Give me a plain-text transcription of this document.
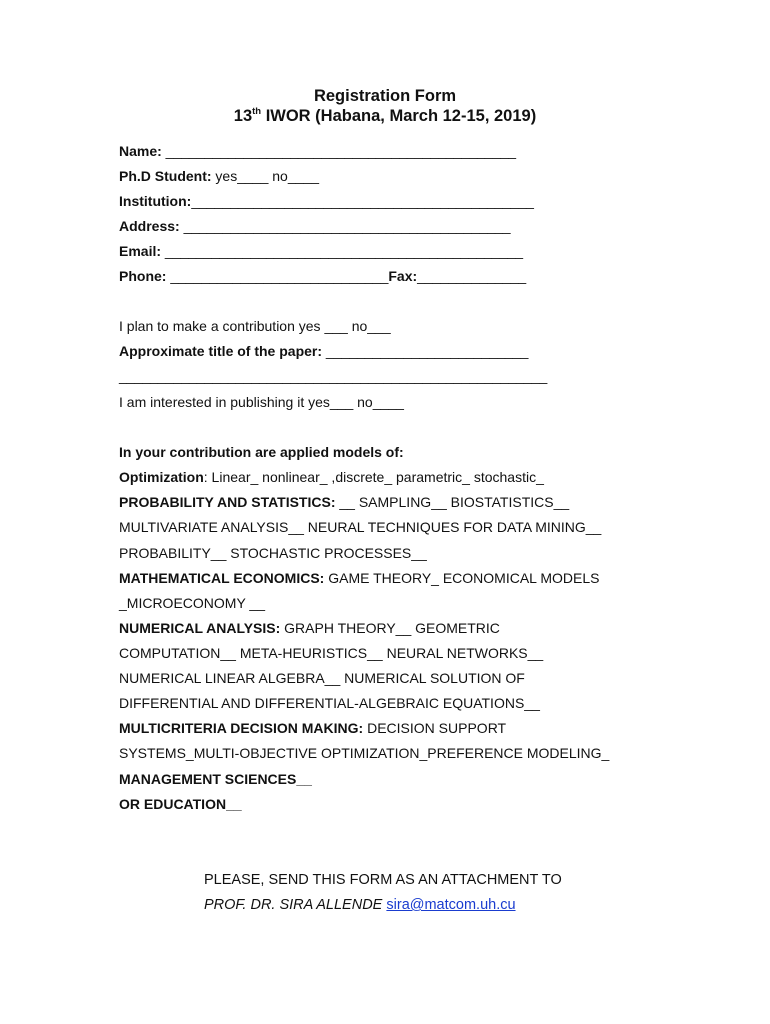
Registration Form
13th IWOR (Habana, March 12-15, 2019)
Name: _____________________________________________
Ph.D Student: yes____ no____
Institution:____________________________________________
Address: __________________________________________
Email: ______________________________________________
Phone: ____________________________Fax:______________
I plan to make a contribution yes ___ no___
Approximate title of the paper: __________________________
_______________________________________________________
I am interested in publishing it yes___ no____
In your contribution are applied models of:
Optimization: Linear_ nonlinear_ ,discrete_ parametric_ stochastic_
PROBABILITY AND STATISTICS: __ SAMPLING__ BIOSTATISTICS__
MULTIVARIATE ANALYSIS__ NEURAL TECHNIQUES FOR DATA MINING__
PROBABILITY__ STOCHASTIC PROCESSES__
MATHEMATICAL ECONOMICS: GAME THEORY_ ECONOMICAL MODELS
_MICROECONOMY __
NUMERICAL ANALYSIS: GRAPH THEORY__ GEOMETRIC
COMPUTATION__ META-HEURISTICS__ NEURAL NETWORKS__
NUMERICAL LINEAR ALGEBRA__ NUMERICAL SOLUTION OF
DIFFERENTIAL AND DIFFERENTIAL-ALGEBRAIC EQUATIONS__
MULTICRITERIA DECISION MAKING: DECISION SUPPORT
SYSTEMS_MULTI-OBJECTIVE OPTIMIZATION_PREFERENCE MODELING_
MANAGEMENT SCIENCES__
OR EDUCATION__
PLEASE, SEND THIS FORM AS AN ATTACHMENT TO
PROF. DR. SIRA ALLENDE sira@matcom.uh.cu
